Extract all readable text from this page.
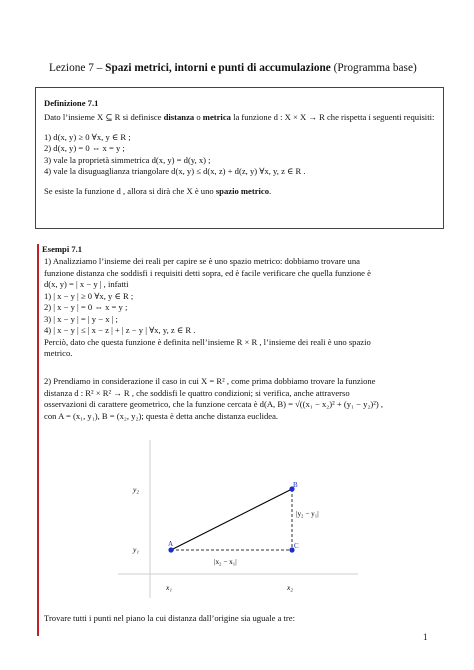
Lezione 7 – Spazi metrici, intorni e punti di accumulazione (Programma base)
Definizione 7.1
Dato l’insieme X ⊆ R si definisce distanza o metrica la funzione d : X × X → R che rispetta i seguenti requisiti:
1) d(x, y) ≥ 0 ∀x, y ∈ R ;
2) d(x, y) = 0 ⇔ x = y ;
3) vale la proprietà simmetrica d(x, y) = d(y, x) ;
4) vale la disuguaglianza triangolare d(x, y) ≤ d(x, z) + d(z, y) ∀x, y, z ∈ R .
Se esiste la funzione d , allora si dirà che X è uno spazio metrico.
Esempi 7.1
1) Analizziamo l’insieme dei reali per capire se è uno spazio metrico: dobbiamo trovare una
funzione distanza che soddisfi i requisiti detti sopra, ed è facile verificare che quella funzione è
d(x, y) = | x − y | , infatti
1) | x − y | ≥ 0 ∀x, y ∈ R ;
2) | x − y | = 0 ⇔ x = y ;
3) | x − y | = | y − x | ;
4) | x − y | ≤ | x − z | + | z − y | ∀x, y, z ∈ R .
Perciò, dato che questa funzione è definita nell’insieme R × R , l’insieme dei reali è uno spazio
metrico.
2) Prendiamo in considerazione il caso in cui X = R² , come prima dobbiamo trovare la funzione
distanza d : R² × R² → R , che soddisfi le quattro condizioni; si verifica, anche attraverso
osservazioni di carattere geometrico, che la funzione cercata è d(A, B) = √((x₁ − x₂)² + (y₁ − y₂)²) ,
con A = (x₁, y₁), B = (x₂, y₂); questa è detta anche distanza euclidea.
A
B
C
y₂
y₁
x₁	x₂
|y₂ − y₁|
|x₂ − x₁|
Trovare tutti i punti nel piano la cui distanza dall’origine sia uguale a tre:
1
